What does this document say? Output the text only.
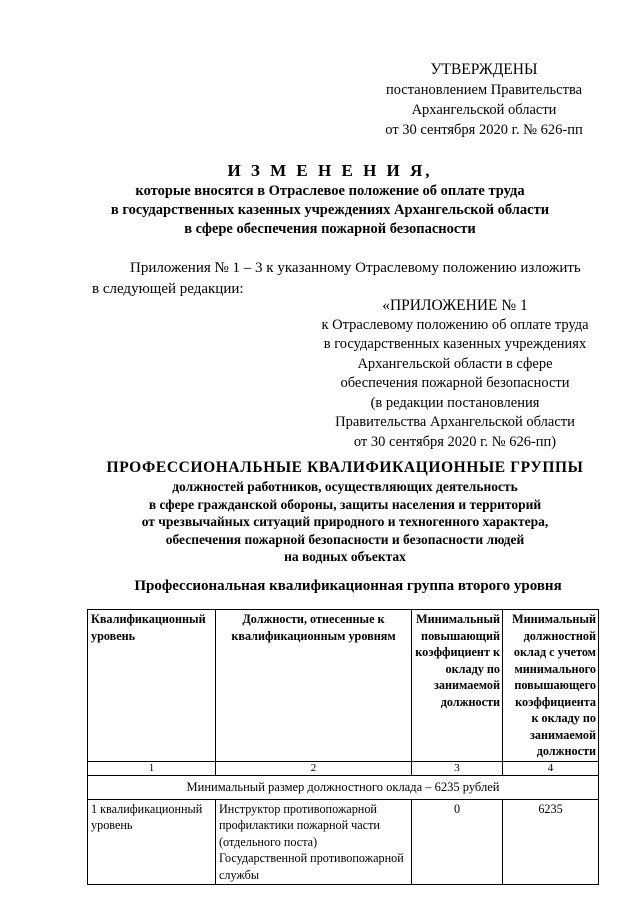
УТВЕРЖДЕНЫ
постановлением Правительства
Архангельской области
от 30 сентября 2020 г. № 626-пп
И З М Е Н Е Н И Я,
которые вносятся в Отраслевое положение об оплате труда
в государственных казенных учреждениях Архангельской области
в сфере обеспечения пожарной безопасности
Приложения № 1 – 3 к указанному Отраслевому положению изложить
в следующей редакции:
«ПРИЛОЖЕНИЕ № 1
к Отраслевому положению об оплате труда
в государственных казенных учреждениях
Архангельской области в сфере
обеспечения пожарной безопасности
(в редакции постановления
Правительства Архангельской области
от 30 сентября 2020 г. № 626-пп)
ПРОФЕССИОНАЛЬНЫЕ КВАЛИФИКАЦИОННЫЕ ГРУППЫ
должностей работников, осуществляющих деятельность
в сфере гражданской обороны, защиты населения и территорий
от чрезвычайных ситуаций природного и техногенного характера,
обеспечения пожарной безопасности и безопасности людей
на водных объектах
Профессиональная квалификационная группа второго уровня
Квалификационный уровень	Должности, отнесенные к квалификационным уровням	Минимальный повышающий коэффициент к окладу по занимаемой должности	Минимальный должностной оклад с учетом минимального повышающего коэффициента к окладу по занимаемой должности
1	2	3	4
Минимальный размер должностного оклада – 6235 рублей			
1 квалификационный уровень	Инструктор противопожарной профилактики пожарной части (отдельного поста) Государственной противопожарной службы	0	6235
